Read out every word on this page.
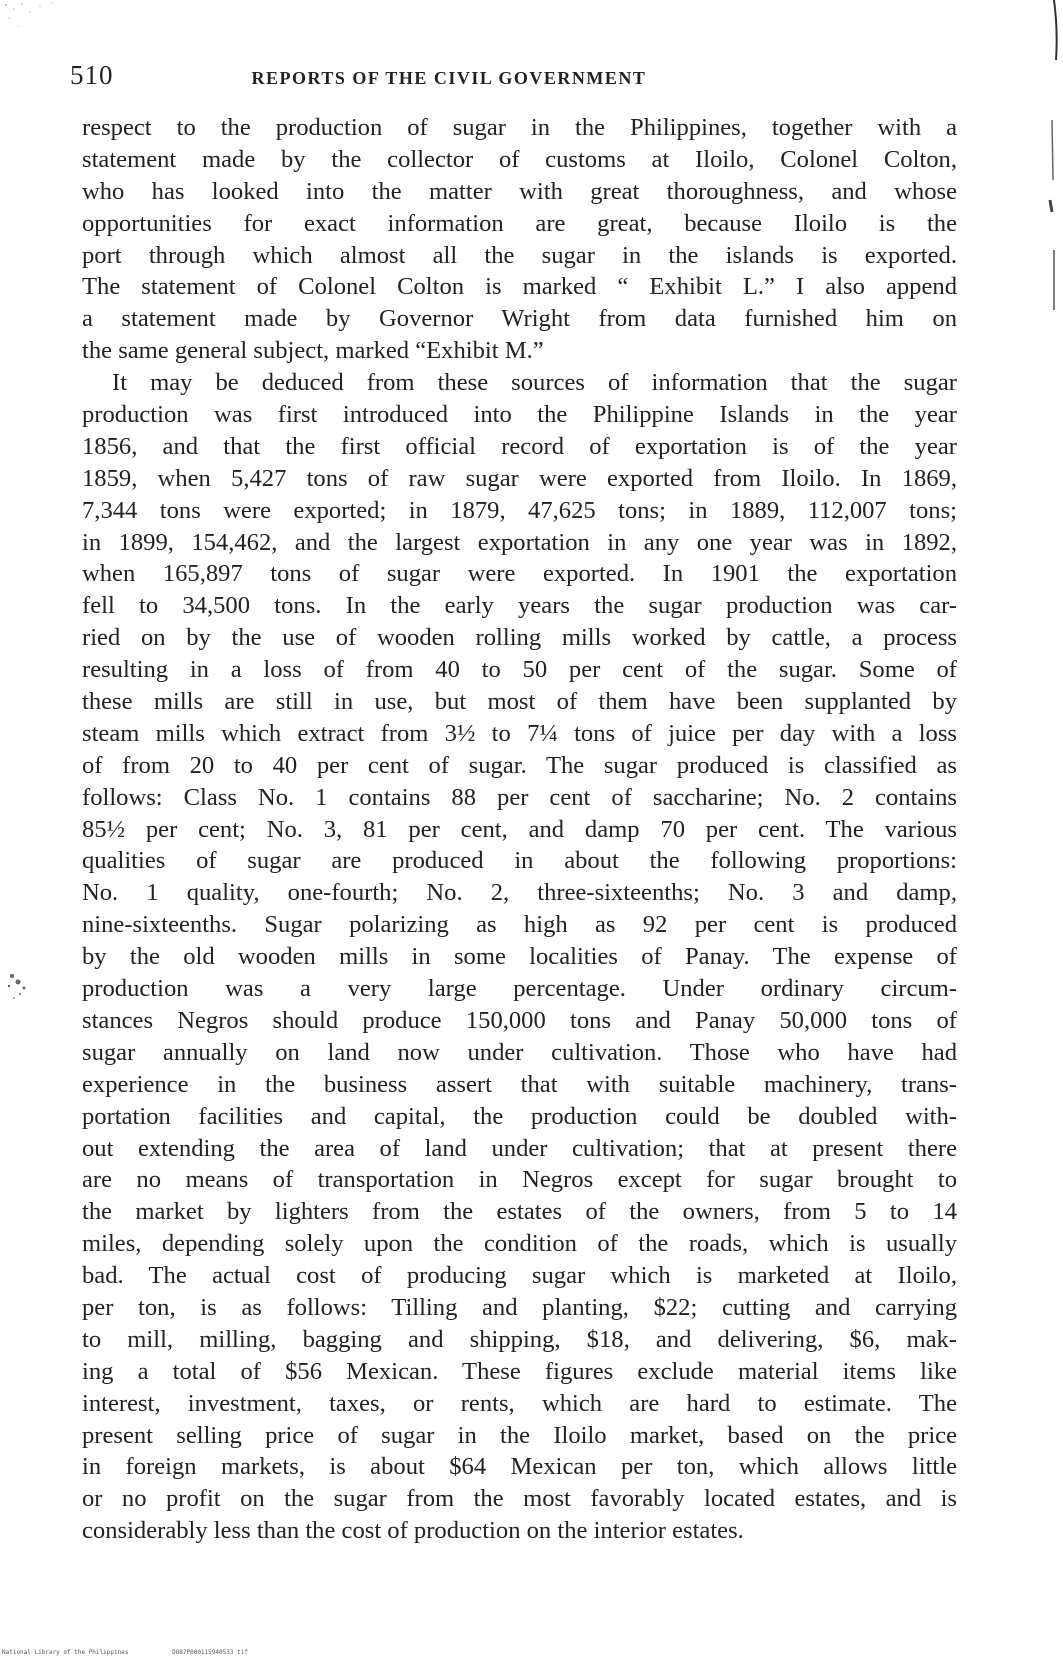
510	REPORTS OF THE CIVIL GOVERNMENT
respect to the production of sugar in the Philippines, together with a
statement made by the collector of customs at Iloilo, Colonel Colton,
who has looked into the matter with great thoroughness, and whose
opportunities for exact information are great, because Iloilo is the
port through which almost all the sugar in the islands is exported.
The statement of Colonel Colton is marked “ Exhibit L.” I also append
a statement made by Governor Wright from data furnished him on
the same general subject, marked “Exhibit M.”
It may be deduced from these sources of information that the sugar
production was first introduced into the Philippine Islands in the year
1856, and that the first official record of exportation is of the year
1859, when 5,427 tons of raw sugar were exported from Iloilo. In 1869,
7,344 tons were exported; in 1879, 47,625 tons; in 1889, 112,007 tons;
in 1899, 154,462, and the largest exportation in any one year was in 1892,
when 165,897 tons of sugar were exported. In 1901 the exportation
fell to 34,500 tons. In the early years the sugar production was car-
ried on by the use of wooden rolling mills worked by cattle, a process
resulting in a loss of from 40 to 50 per cent of the sugar. Some of
these mills are still in use, but most of them have been supplanted by
steam mills which extract from 3½ to 7¼ tons of juice per day with a loss
of from 20 to 40 per cent of sugar. The sugar produced is classified as
follows: Class No. 1 contains 88 per cent of saccharine; No. 2 contains
85½ per cent; No. 3, 81 per cent, and damp 70 per cent. The various
qualities of sugar are produced in about the following proportions:
No. 1 quality, one-fourth; No. 2, three-sixteenths; No. 3 and damp,
nine-sixteenths. Sugar polarizing as high as 92 per cent is produced
by the old wooden mills in some localities of Panay. The expense of
production was a very large percentage. Under ordinary circum-
stances Negros should produce 150,000 tons and Panay 50,000 tons of
sugar annually on land now under cultivation. Those who have had
experience in the business assert that with suitable machinery, trans-
portation facilities and capital, the production could be doubled with-
out extending the area of land under cultivation; that at present there
are no means of transportation in Negros except for sugar brought to
the market by lighters from the estates of the owners, from 5 to 14
miles, depending solely upon the condition of the roads, which is usually
bad. The actual cost of producing sugar which is marketed at Iloilo,
per ton, is as follows: Tilling and planting, $22; cutting and carrying
to mill, milling, bagging and shipping, $18, and delivering, $6, mak-
ing a total of $56 Mexican. These figures exclude material items like
interest, investment, taxes, or rents, which are hard to estimate. The
present selling price of sugar in the Iloilo market, based on the price
in foreign markets, is about $64 Mexican per ton, which allows little
or no profit on the sugar from the most favorably located estates, and is
considerably less than the cost of production on the interior estates.
National Library of the Philippines	DO87P000115940533 tif
